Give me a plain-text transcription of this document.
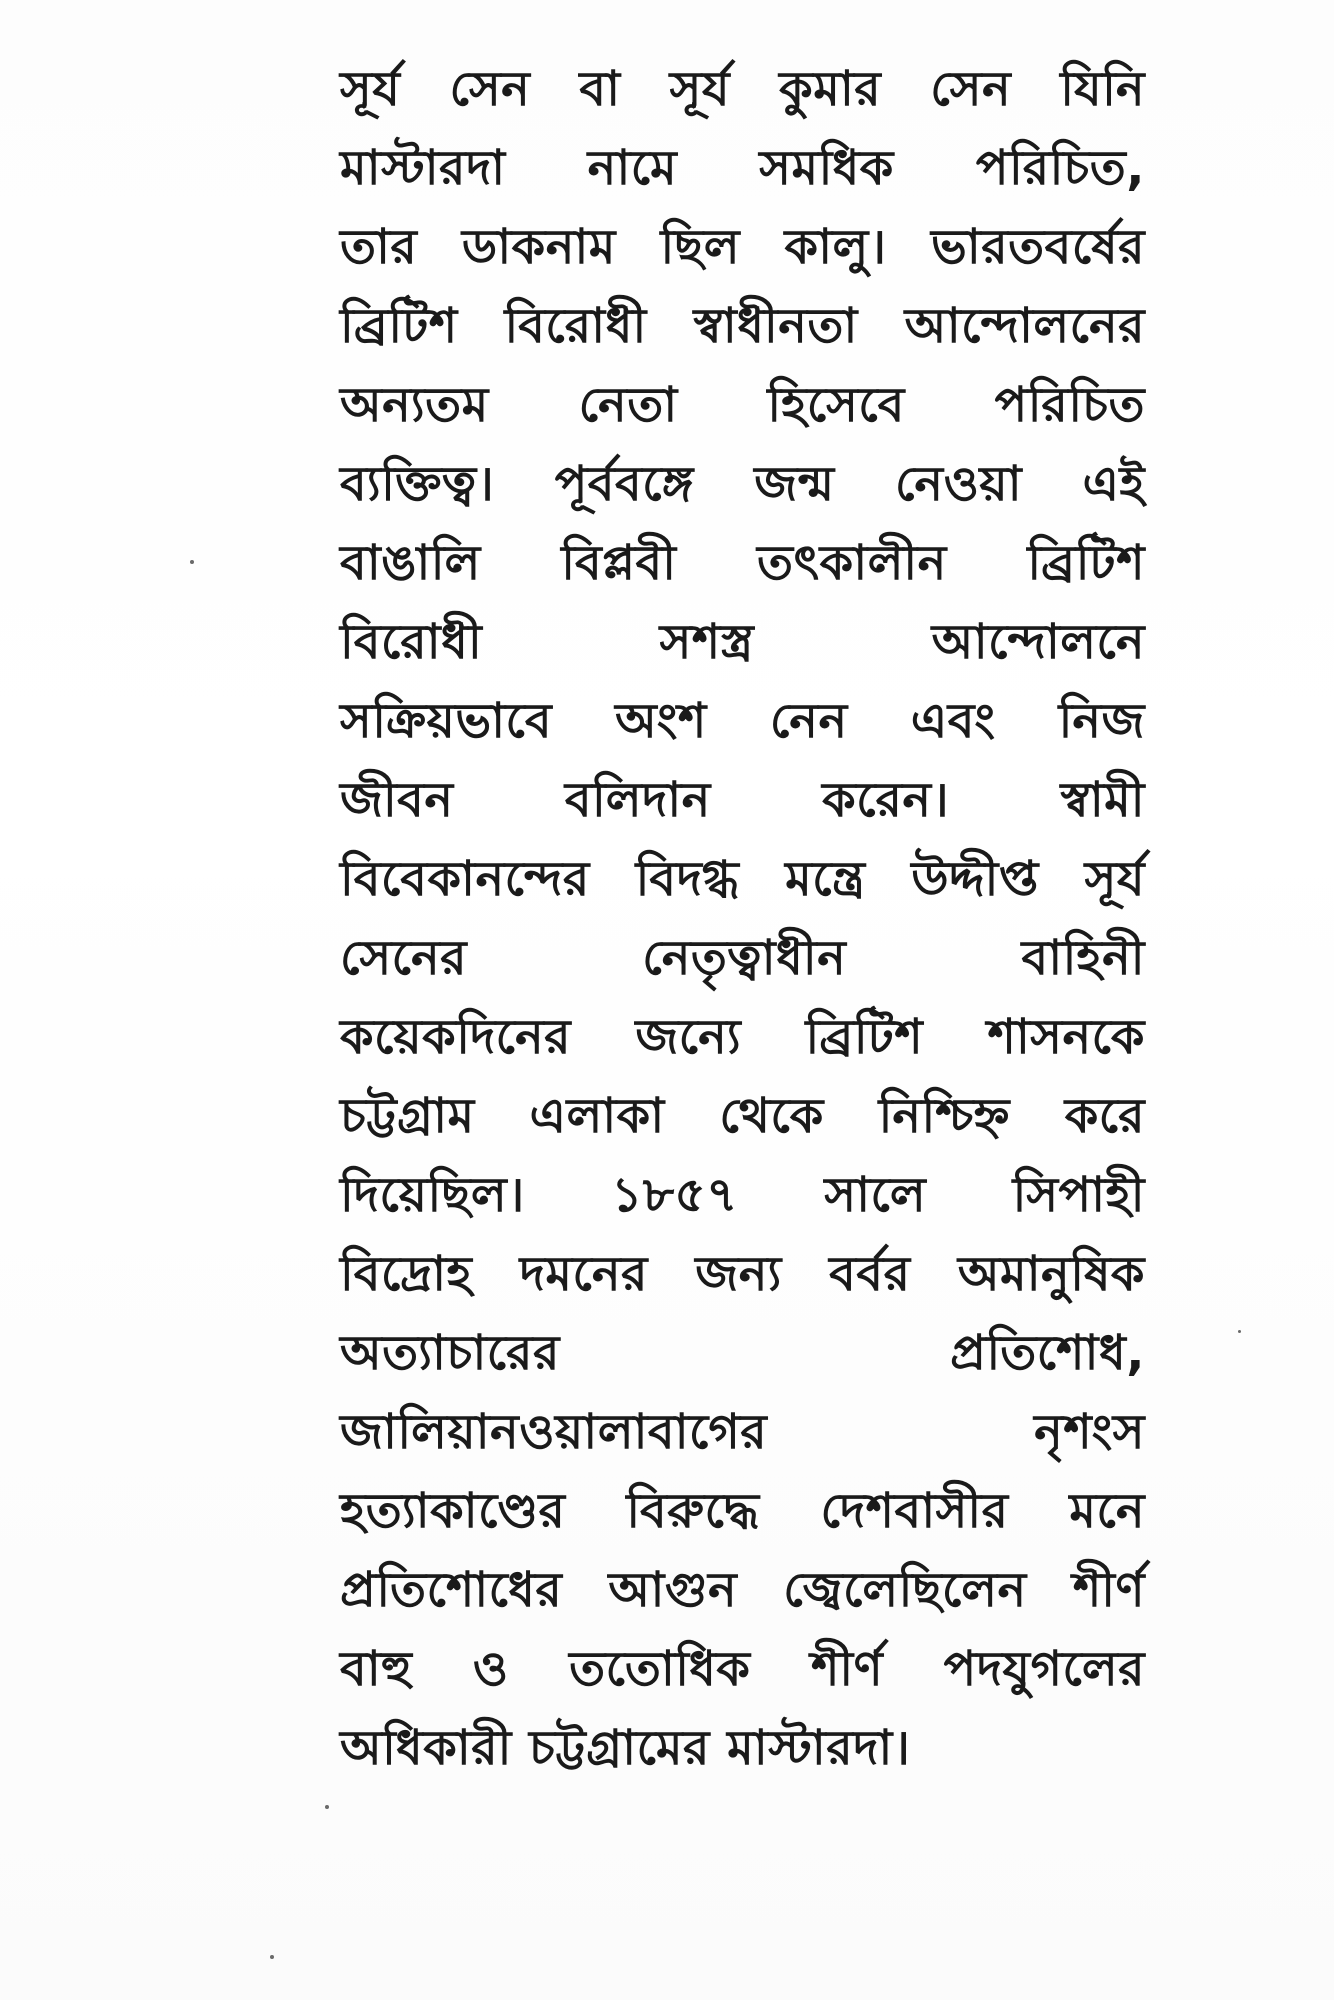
সূর্য সেন বা সূর্য কুমার সেন যিনি
মাস্টারদা নামে সমধিক পরিচিত,
তার ডাকনাম ছিল কালু। ভারতবর্ষের
ব্রিটিশ বিরোধী স্বাধীনতা আন্দোলনের
অন্যতম নেতা হিসেবে পরিচিত
ব্যক্তিত্ব। পূর্ববঙ্গে জন্ম নেওয়া এই
বাঙালি বিপ্লবী তৎকালীন ব্রিটিশ
বিরোধী সশস্ত্র আন্দোলনে
সক্রিয়ভাবে অংশ নেন এবং নিজ
জীবন বলিদান করেন। স্বামী
বিবেকানন্দের বিদগ্ধ মন্ত্রে উদ্দীপ্ত সূর্য
সেনের নেতৃত্বাধীন বাহিনী
কয়েকদিনের জন্যে ব্রিটিশ শাসনকে
চট্টগ্রাম এলাকা থেকে নিশ্চিহ্ন করে
দিয়েছিল। ১৮৫৭ সালে সিপাহী
বিদ্রোহ দমনের জন্য বর্বর অমানুষিক
অত্যাচারের প্রতিশোধ,
জালিয়ানওয়ালাবাগের নৃশংস
হত্যাকাণ্ডের বিরুদ্ধে দেশবাসীর মনে
প্রতিশোধের আগুন জ্বেলেছিলেন শীর্ণ
বাহু ও ততোধিক শীর্ণ পদযুগলের
অধিকারী চট্টগ্রামের মাস্টারদা।
